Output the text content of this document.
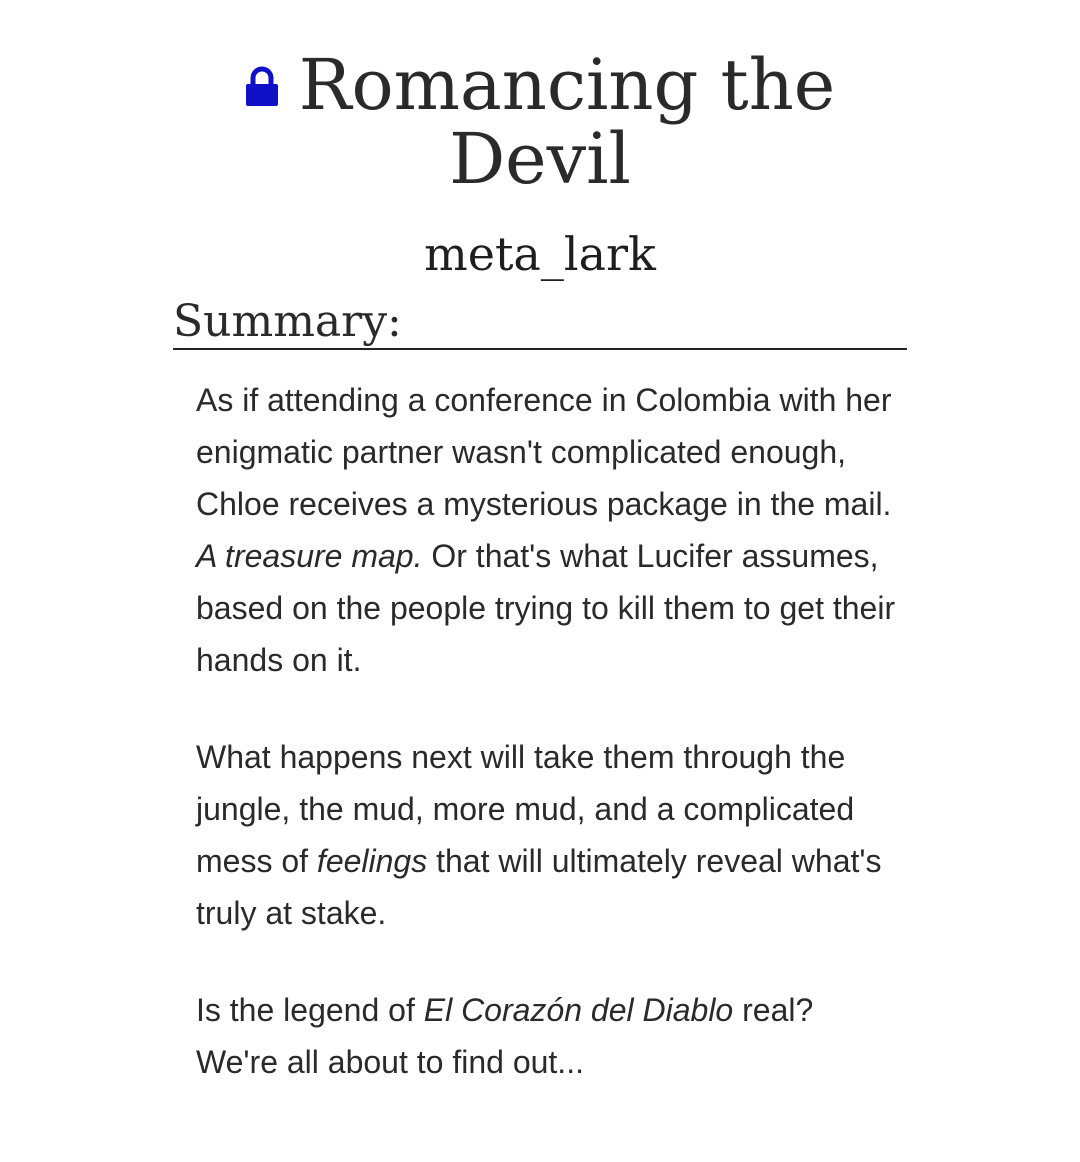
Romancing the Devil
meta_lark
Summary:

As if attending a conference in Colombia with her enigmatic partner wasn't complicated enough, Chloe receives a mysterious package in the mail. A treasure map. Or that's what Lucifer assumes, based on the people trying to kill them to get their hands on it.

What happens next will take them through the jungle, the mud, more mud, and a complicated mess of feelings that will ultimately reveal what's truly at stake.

Is the legend of El Corazón del Diablo real? We're all about to find out...
